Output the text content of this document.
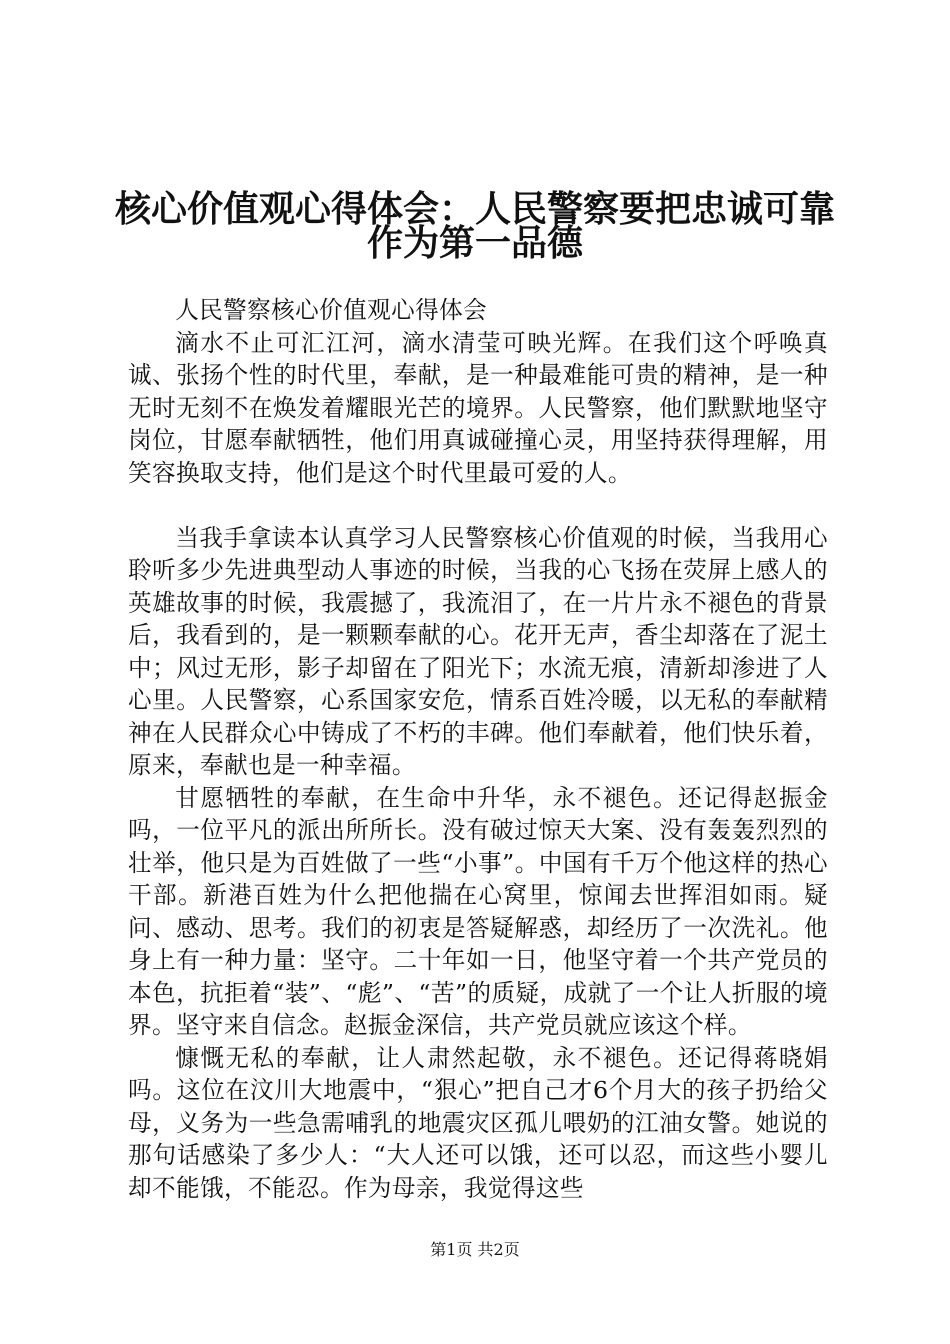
核心价值观心得体会：人民警察要把忠诚可靠
作为第一品德

人民警察核心价值观心得体会

滴水不止可汇江河，滴水清莹可映光辉。在我们这个呼唤真诚、张扬个性的时代里，奉献，是一种最难能可贵的精神，是一种无时无刻不在焕发着耀眼光芒的境界。人民警察，他们默默地坚守岗位，甘愿奉献牺牲，他们用真诚碰撞心灵，用坚持获得理解，用笑容换取支持，他们是这个时代里最可爱的人。

当我手拿读本认真学习人民警察核心价值观的时候，当我用心聆听多少先进典型动人事迹的时候，当我的心飞扬在荧屏上感人的英雄故事的时候，我震撼了，我流泪了，在一片片永不褪色的背景后，我看到的，是一颗颗奉献的心。花开无声，香尘却落在了泥土中；风过无形，影子却留在了阳光下；水流无痕，清新却渗进了人心里。人民警察，心系国家安危，情系百姓冷暖，以无私的奉献精神在人民群众心中铸成了不朽的丰碑。他们奉献着，他们快乐着，原来，奉献也是一种幸福。

甘愿牺牲的奉献，在生命中升华，永不褪色。还记得赵振金吗，一位平凡的派出所所长。没有破过惊天大案、没有轰轰烈烈的壮举，他只是为百姓做了一些“小事”。中国有千万个他这样的热心干部。新港百姓为什么把他揣在心窝里，惊闻去世挥泪如雨。疑问、感动、思考。我们的初衷是答疑解惑，却经历了一次洗礼。他身上有一种力量：坚守。二十年如一日，他坚守着一个共产党员的本色，抗拒着“装”、“彪”、“苦”的质疑，成就了一个让人折服的境界。坚守来自信念。赵振金深信，共产党员就应该这个样。

慷慨无私的奉献，让人肃然起敬，永不褪色。还记得蒋晓娟吗。这位在汶川大地震中，“狠心”把自己才6个月大的孩子扔给父母，义务为一些急需哺乳的地震灾区孤儿喂奶的江油女警。她说的那句话感染了多少人：“大人还可以饿，还可以忍，而这些小婴儿却不能饿，不能忍。作为母亲，我觉得这些

第1页 共2页
